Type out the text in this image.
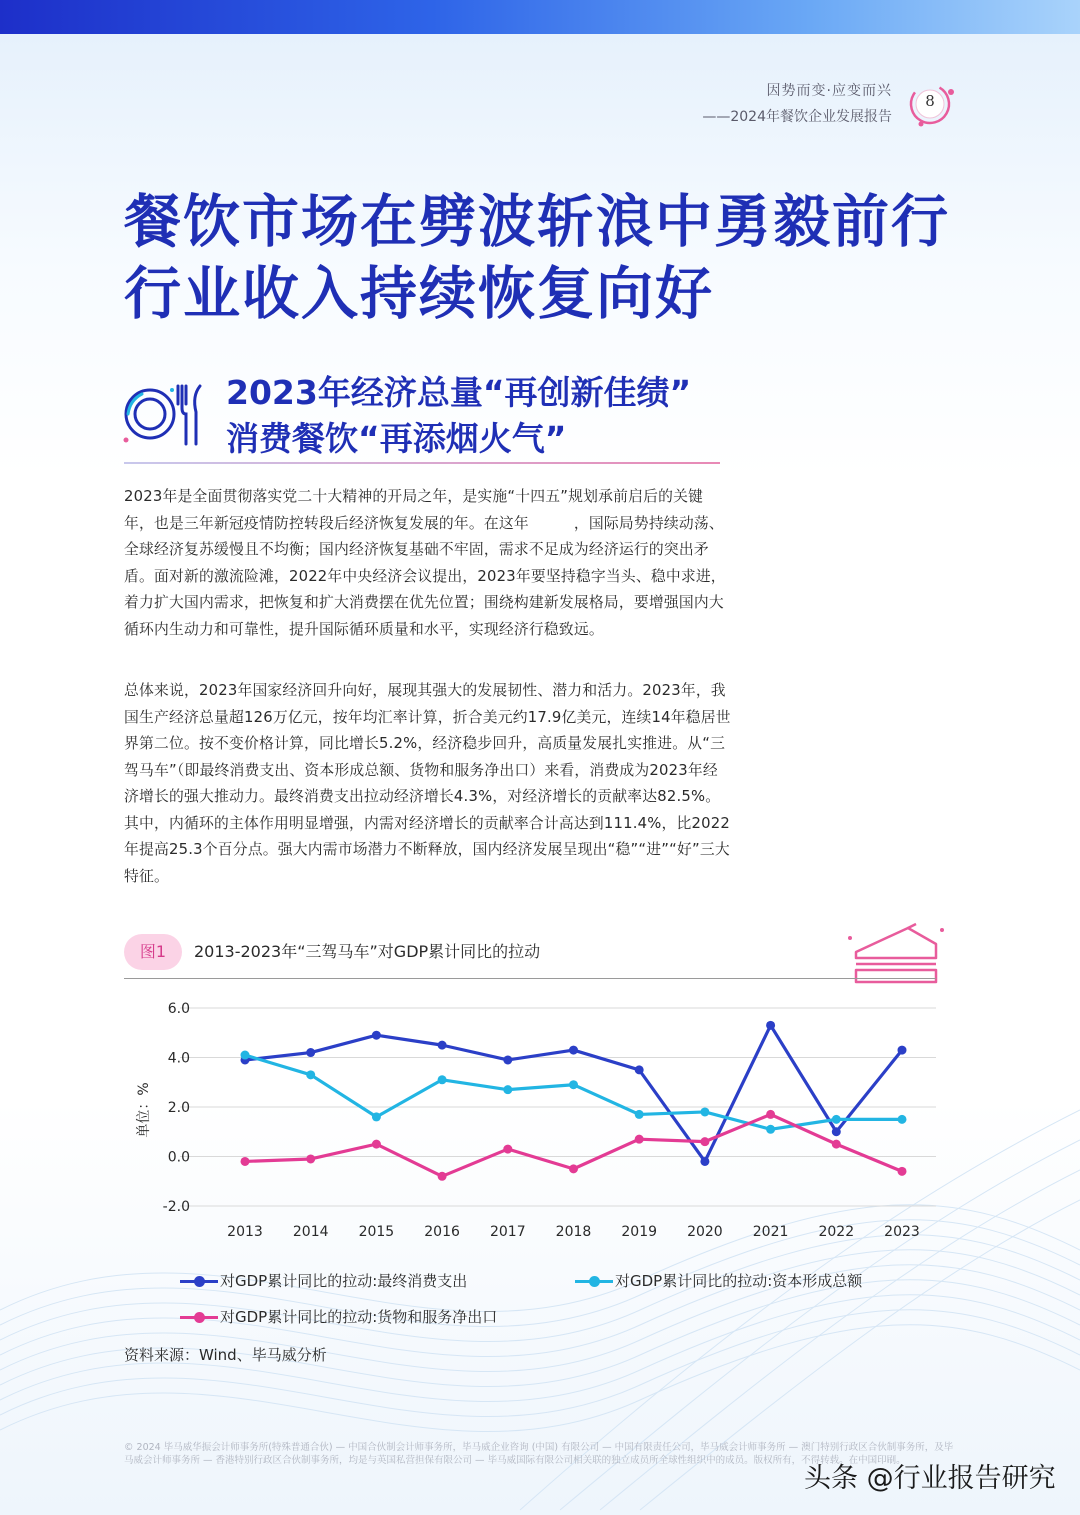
因势而变·应变而兴
——2024年餐饮企业发展报告
8
餐饮市场在劈波斩浪中勇毅前行
行业收入持续恢复向好
2023年经济总量“再创新佳绩”
消费餐饮“再添烟火气”
2023年是全面贯彻落实党二十大精神的开局之年，是实施“十四五”规划承前启后的关键年，也是三年新冠疫情防控转段后经济恢复发展的年。在这年　　　，国际局势持续动荡、全球经济复苏缓慢且不均衡；国内经济恢复基础不牢固，需求不足成为经济运行的突出矛盾。面对新的激流险滩，2022年中央经济会议提出，2023年要坚持稳字当头、稳中求进，着力扩大国内需求，把恢复和扩大消费摆在优先位置；围绕构建新发展格局，要增强国内大循环内生动力和可靠性，提升国际循环质量和水平，实现经济行稳致远。
总体来说，2023年国家经济回升向好，展现其强大的发展韧性、潜力和活力。2023年，我国生产经济总量超126万亿元，按年均汇率计算，折合美元约17.9亿美元，连续14年稳居世界第二位。按不变价格计算，同比增长5.2%，经济稳步回升，高质量发展扎实推进。从“三驾马车”（即最终消费支出、资本形成总额、货物和服务净出口）来看，消费成为2023年经济增长的强大推动力。最终消费支出拉动经济增长4.3%，对经济增长的贡献率达82.5%。其中，内循环的主体作用明显增强，内需对经济增长的贡献率合计高达到111.4%，比2022年提高25.3个百分点。强大内需市场潜力不断释放，国内经济发展呈现出“稳”“进”“好”三大特征。
图1	2013-2023年“三驾马车”对GDP累计同比的拉动
6.0
4.0
2.0
0.0
-2.0
2013 2014 2015 2016 2017 2018 2019 2020 2021 2022 2023
单位：%
对GDP累计同比的拉动:最终消费支出	对GDP累计同比的拉动:资本形成总额
对GDP累计同比的拉动:货物和服务净出口
资料来源：Wind、毕马威分析
© 2024 毕马威华振会计师事务所(特殊普通合伙) — 中国合伙制会计师事务所，毕马威企业咨询 (中国) 有限公司 — 中国有限责任公司，毕马威会计师事务所 — 澳门特别行政区合伙制事务所，及毕马威会计师事务所 — 香港特别行政区合伙制事务所，均是与英国私营担保有限公司 — 毕马威国际有限公司相关联的独立成员所全球性组织中的成员。版权所有，不得转载。在中国印刷。
头条 @行业报告研究
